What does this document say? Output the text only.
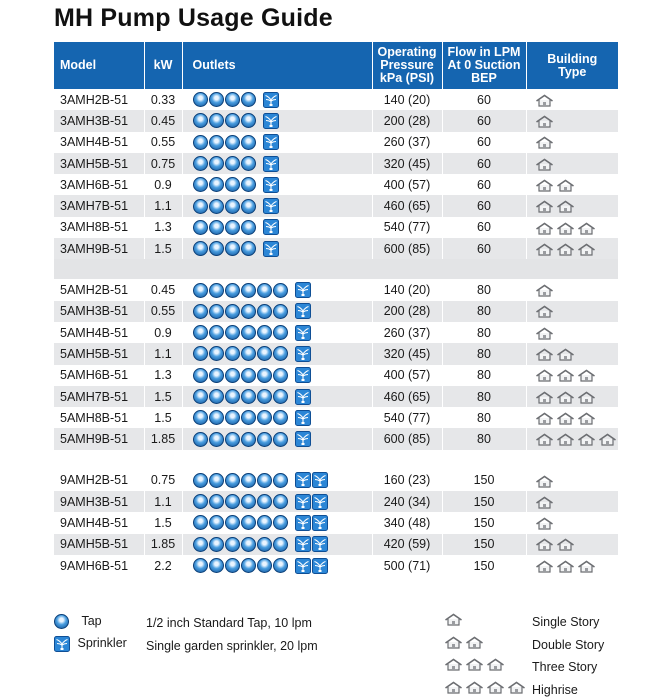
MH Pump Usage Guide
Model	kW	Outlets	Operating
Pressure
kPa (PSI)	Flow in LPM
At 0 Suction
BEP	Building
Type
3AMH2B-51	0.33		140 (20)	60	
3AMH3B-51	0.45		200 (28)	60	
3AMH4B-51	0.55		260 (37)	60	
3AMH5B-51	0.75		320 (45)	60	
3AMH6B-51	0.9		400 (57)	60	
3AMH7B-51	1.1		460 (65)	60	
3AMH8B-51	1.3		540 (77)	60	
3AMH9B-51	1.5		600 (85)	60	

5AMH2B-51	0.45		140 (20)	80	
5AMH3B-51	0.55		200 (28)	80	
5AMH4B-51	0.9		260 (37)	80	
5AMH5B-51	1.1		320 (45)	80	
5AMH6B-51	1.3		400 (57)	80	
5AMH7B-51	1.5		460 (65)	80	
5AMH8B-51	1.5		540 (77)	80	
5AMH9B-51	1.85		600 (85)	80	

9AMH2B-51	0.75		160 (23)	150	
9AMH3B-51	1.1		240 (34)	150	
9AMH4B-51	1.5		340 (48)	150	
9AMH5B-51	1.85		420 (59)	150	
9AMH6B-51	2.2		500 (71)	150	
Tap	1/2 inch Standard Tap, 10 lpm
Sprinkler Single garden sprinkler, 20 lpm
Single Story
Double Story
Three Story
Highrise
